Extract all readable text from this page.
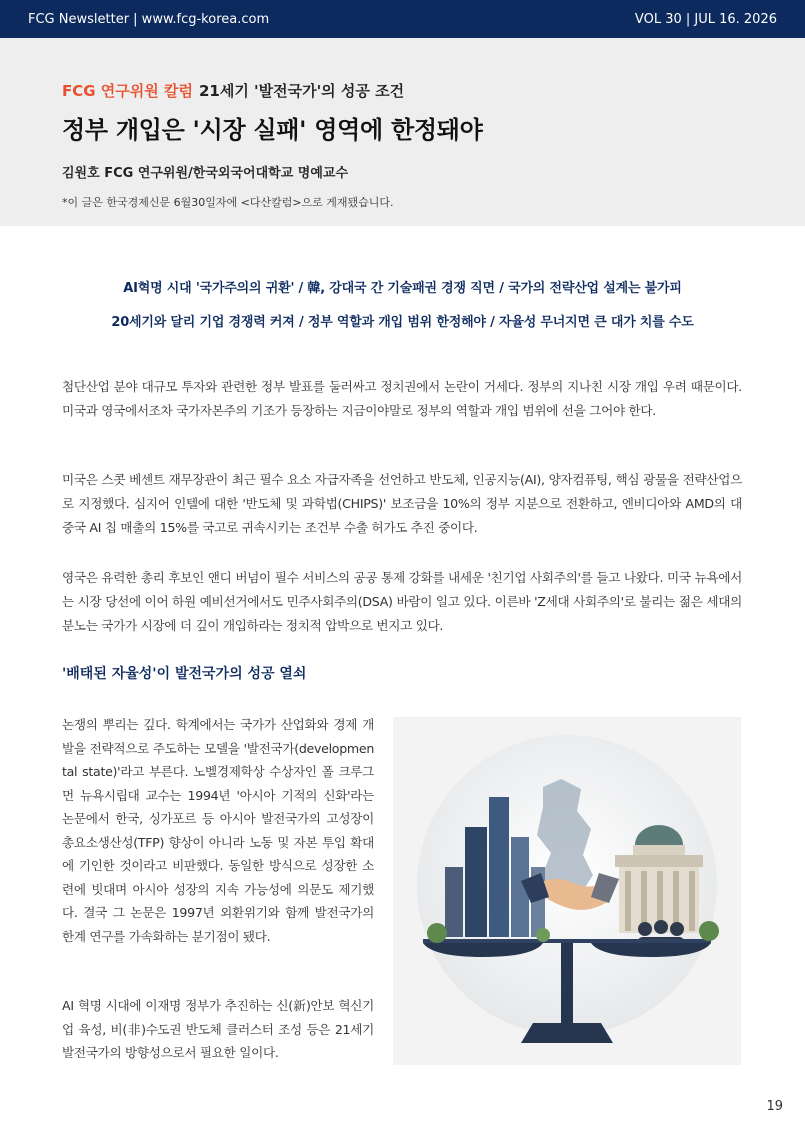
FCG Newsletter | www.fcg-korea.com	VOL 30 | JUL 16. 2026
FCG 연구위원 칼럼 21세기 '발전국가'의 성공 조건
정부 개입은 '시장 실패' 영역에 한정돼야
김원호 FCG 연구위원/한국외국어대학교 명예교수
*이 글은 한국경제신문 6월30일자에 <다산칼럼>으로 게재됐습니다.
AI혁명 시대 '국가주의의 귀환' / 韓, 강대국 간 기술패권 경쟁 직면 / 국가의 전략산업 설계는 불가피
20세기와 달리 기업 경쟁력 커져 / 정부 역할과 개입 범위 한정해야 / 자율성 무너지면 큰 대가 치를 수도

첨단산업 분야 대규모 투자와 관련한 정부 발표를 둘러싸고 정치권에서 논란이 거세다. 정부의 지나친 시장 개입 우려 때문이다. 미국과 영국에서조차 국가자본주의 기조가 등장하는 지금이야말로 정부의 역할과 개입 범위에 선을 그어야 한다.

미국은 스콧 베센트 재무장관이 최근 필수 요소 자급자족을 선언하고 반도체, 인공지능(AI), 양자컴퓨팅, 핵심 광물을 전략산업으로 지정했다. 심지어 인텔에 대한 '반도체 및 과학법(CHIPS)' 보조금을 10%의 정부 지분으로 전환하고, 엔비디아와 AMD의 대중국 AI 칩 매출의 15%를 국고로 귀속시키는 조건부 수출 허가도 추진 중이다.

영국은 유력한 총리 후보인 앤디 버넘이 필수 서비스의 공공 통제 강화를 내세운 '친기업 사회주의'를 들고 나왔다. 미국 뉴욕에서는 시장 당선에 이어 하원 예비선거에서도 민주사회주의(DSA) 바람이 일고 있다. 이른바 'Z세대 사회주의'로 불리는 젊은 세대의 분노는 국가가 시장에 더 깊이 개입하라는 정치적 압박으로 번지고 있다.

'배태된 자율성'이 발전국가의 성공 열쇠

논쟁의 뿌리는 깊다. 학계에서는 국가가 산업화와 경제 개발을 전략적으로 주도하는 모델을 '발전국가(developmen tal state)'라고 부른다. 노벨경제학상 수상자인 폴 크루그먼 뉴욕시립대 교수는 1994년 '아시아 기적의 신화'라는 논문에서 한국, 싱가포르 등 아시아 발전국가의 고성장이 총요소생산성(TFP) 향상이 아니라 노동 및 자본 투입 확대에 기인한 것이라고 비판했다. 동일한 방식으로 성장한 소련에 빗대며 아시아 성장의 지속 가능성에 의문도 제기했다. 결국 그 논문은 1997년 외환위기와 함께 발전국가의 한계 연구를 가속화하는 분기점이 됐다.

AI 혁명 시대에 이재명 정부가 추진하는 신(新)안보 혁신기업 육성, 비(非)수도권 반도체 클러스터 조성 등은 21세기 발전국가의 방향성으로서 필요한 일이다.

19
